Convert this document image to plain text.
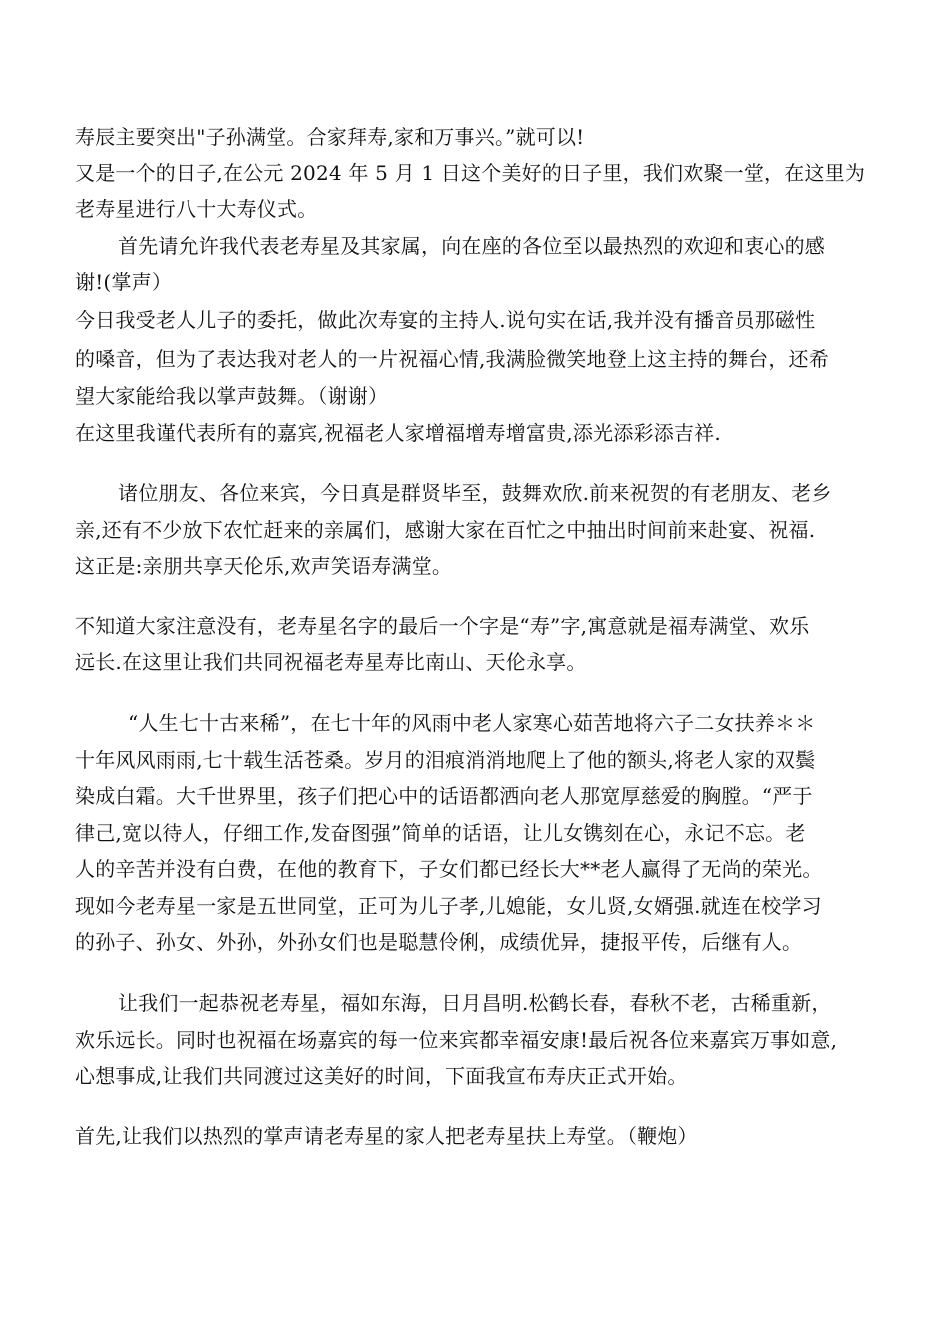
寿辰主要突出"子孙满堂。合家拜寿,家和万事兴。”就可以!
又是一个的日子,在公元 2024 年 5 月 1 日这个美好的日子里，我们欢聚一堂，在这里为
老寿星进行八十大寿仪式。
首先请允许我代表老寿星及其家属，向在座的各位至以最热烈的欢迎和衷心的感
谢!(掌声）
今日我受老人儿子的委托，做此次寿宴的主持人.说句实在话,我并没有播音员那磁性
的嗓音，但为了表达我对老人的一片祝福心情,我满脸微笑地登上这主持的舞台，还希
望大家能给我以掌声鼓舞。（谢谢）
在这里我谨代表所有的嘉宾,祝福老人家增福增寿增富贵,添光添彩添吉祥.
诸位朋友、各位来宾，今日真是群贤毕至，鼓舞欢欣.前来祝贺的有老朋友、老乡
亲,还有不少放下农忙赶来的亲属们，感谢大家在百忙之中抽出时间前来赴宴、祝福.
这正是:亲朋共享天伦乐,欢声笑语寿满堂。
不知道大家注意没有，老寿星名字的最后一个字是“寿”字,寓意就是福寿满堂、欢乐
远长.在这里让我们共同祝福老寿星寿比南山、天伦永享。
“人生七十古来稀”，在七十年的风雨中老人家寒心茹苦地将六子二女扶养＊＊
十年风风雨雨,七十载生活苍桑。岁月的泪痕消消地爬上了他的额头,将老人家的双鬓
染成白霜。大千世界里，孩子们把心中的话语都洒向老人那宽厚慈爱的胸膛。“严于
律己,宽以待人，仔细工作,发奋图强”简单的话语，让儿女镌刻在心，永记不忘。老
人的辛苦并没有白费，在他的教育下，子女们都已经长大**老人赢得了无尚的荣光。
现如今老寿星一家是五世同堂，正可为儿子孝,儿媳能，女儿贤,女婿强.就连在校学习
的孙子、孙女、外孙，外孙女们也是聪慧伶俐，成绩优异，捷报平传，后继有人。
让我们一起恭祝老寿星，福如东海，日月昌明.松鹤长春，春秋不老，古稀重新，
欢乐远长。同时也祝福在场嘉宾的每一位来宾都幸福安康!最后祝各位来嘉宾万事如意,
心想事成,让我们共同渡过这美好的时间，下面我宣布寿庆正式开始。
首先,让我们以热烈的掌声请老寿星的家人把老寿星扶上寿堂。（鞭炮）
